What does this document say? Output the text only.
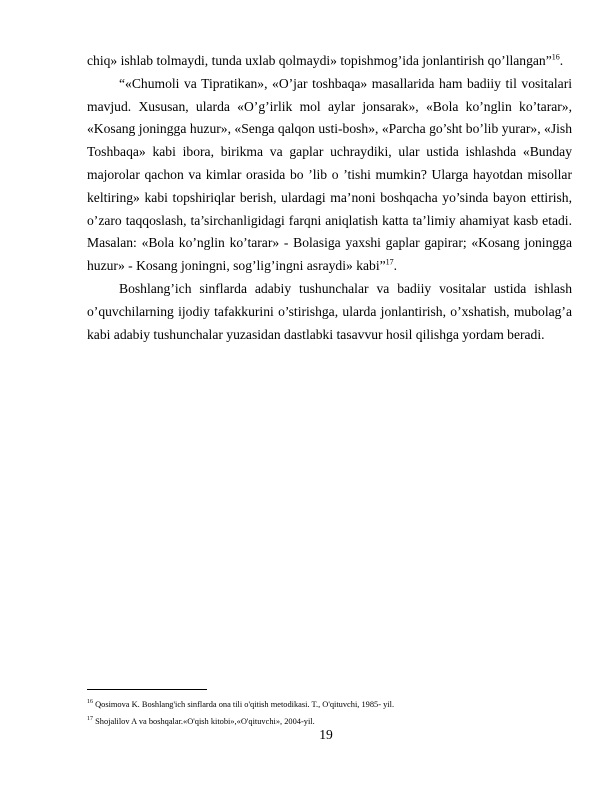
chiq» ishlab tolmaydi, tunda uxlab qolmaydi» topishmog’ida jonlantirish qo’llangan”$^{16}$.

“«Chumoli va Tipratikan», «O’jar toshbaqa» masallarida ham badiiy til vositalari mavjud. Xususan, ularda «O’g’irlik mol aylar jonsarak», «Bola ko’nglin ko’tarar», «Kosang joningga huzur», «Senga qalqon usti-bosh», «Parcha go’sht bo’lib yurar», «Jish Toshbaqa» kabi ibora, birikma va gaplar uchraydiki, ular ustida ishlashda «Bunday majorolar qachon va kimlar orasida bo ’lib o ’tishi mumkin? Ularga hayotdan misollar keltiring» kabi topshiriqlar berish, ulardagi ma’noni boshqacha yo’sinda bayon ettirish, o’zaro taqqoslash, ta’sirchanligidagi farqni aniqlatish katta ta’limiy ahamiyat kasb etadi. Masalan: «Bola ko’nglin ko’tarar» - Bolasiga yaxshi gaplar gapirar; «Kosang joningga huzur» - Kosang joningni, sog’lig’ingni asraydi» kabi”$^{17}$.

Boshlang’ich sinflarda adabiy tushunchalar va badiiy vositalar ustida ishlash o’quvchilarning ijodiy tafakkurini o’stirishga, ularda jonlantirish, o’xshatish, mubolag’a kabi adabiy tushunchalar yuzasidan dastlabki tasavvur hosil qilishga yordam beradi.

$^{16}$ Qosimova K. Boshlang'ich sinflarda ona tili o'qitish metodikasi. T., O'qituvchi, 1985- yil.

$^{17}$ Shojalilov A va boshqalar.«O'qish kitobi»,«O'qituvchi», 2004-yil.

19
